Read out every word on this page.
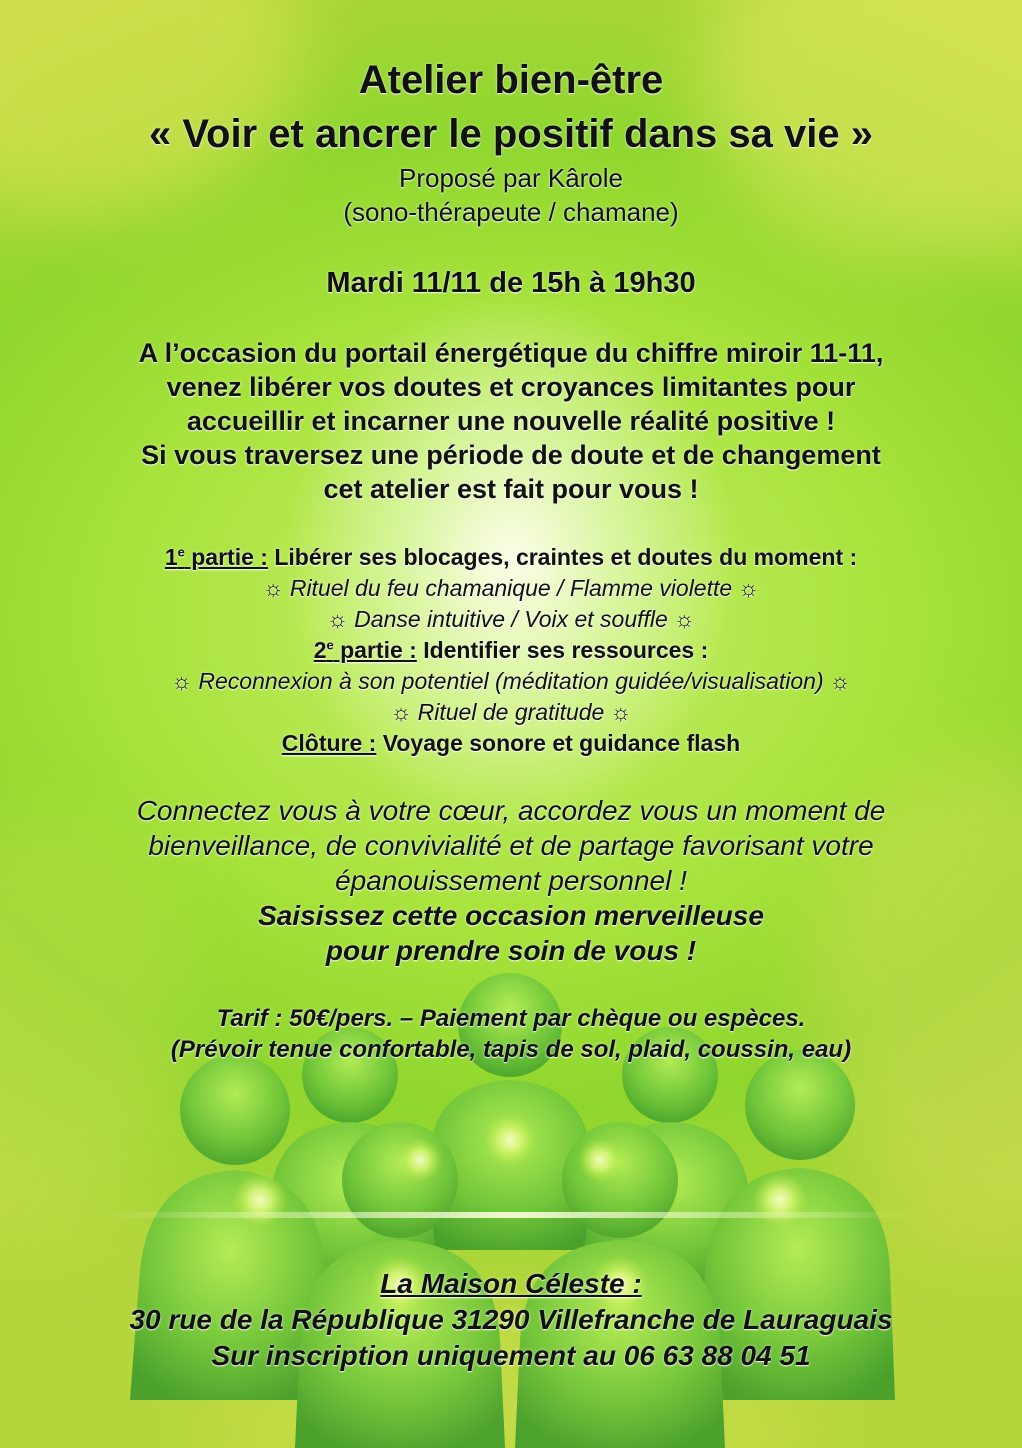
Atelier bien-être
« Voir et ancrer le positif dans sa vie »
Proposé par Kârole
(sono-thérapeute / chamane)
Mardi 11/11 de 15h à 19h30
A l’occasion du portail énergétique du chiffre miroir 11-11,
venez libérer vos doutes et croyances limitantes pour
accueillir et incarner une nouvelle réalité positive !
Si vous traversez une période de doute et de changement
cet atelier est fait pour vous !
1e partie : Libérer ses blocages, craintes et doutes du moment :
☼ Rituel du feu chamanique / Flamme violette ☼
☼ Danse intuitive / Voix et souffle ☼
2e partie : Identifier ses ressources :
☼ Reconnexion à son potentiel (méditation guidée/visualisation) ☼
☼ Rituel de gratitude ☼
Clôture : Voyage sonore et guidance flash
Connectez vous à votre cœur, accordez vous un moment de
bienveillance, de convivialité et de partage favorisant votre
épanouissement personnel !
Saisissez cette occasion merveilleuse
pour prendre soin de vous !
Tarif : 50€/pers. – Paiement par chèque ou espèces.
(Prévoir tenue confortable, tapis de sol, plaid, coussin, eau)
La Maison Céleste :
30 rue de la République 31290 Villefranche de Lauraguais
Sur inscription uniquement au 06 63 88 04 51
